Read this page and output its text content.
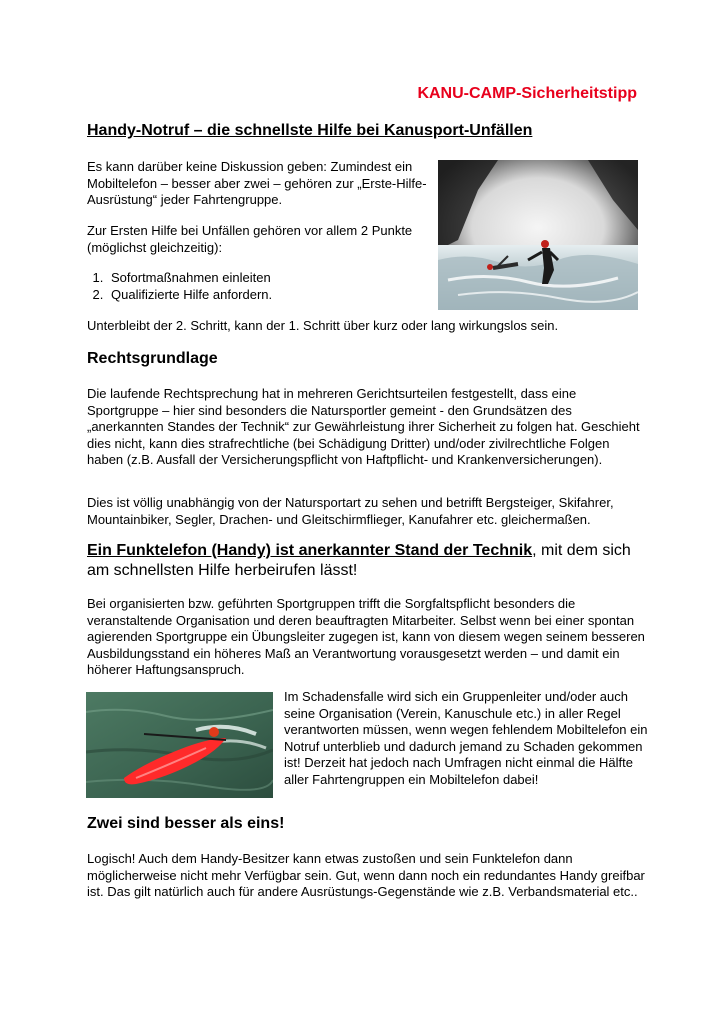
KANU-CAMP-Sicherheitstipp
Handy-Notruf – die schnellste Hilfe bei Kanusport-Unfällen
Es kann darüber keine Diskussion geben: Zumindest ein Mobiltelefon – besser aber zwei – gehören zur „Erste-Hilfe-Ausrüstung“ jeder Fahrtengruppe.
Zur Ersten Hilfe bei Unfällen gehören vor allem 2 Punkte (möglichst gleichzeitig):
1. Sofortmaßnahmen einleiten
2. Qualifizierte Hilfe anfordern.
Unterbleibt der 2. Schritt, kann der 1. Schritt über kurz oder lang wirkungslos sein.
Rechtsgrundlage
Die laufende Rechtsprechung hat in mehreren Gerichtsurteilen festgestellt, dass eine Sportgruppe – hier sind besonders die Natursportler gemeint - den Grundsätzen des „anerkannten Standes der Technik“ zur Gewährleistung ihrer Sicherheit zu folgen hat. Geschieht dies nicht, kann dies strafrechtliche (bei Schädigung Dritter) und/oder zivilrechtliche Folgen haben (z.B. Ausfall der Versicherungspflicht von Haftpflicht- und Krankenversicherungen).
Dies ist völlig unabhängig von der Natursportart zu sehen und betrifft Bergsteiger, Skifahrer, Mountainbiker, Segler, Drachen- und Gleitschirmflieger, Kanufahrer etc. gleichermaßen.
Ein Funktelefon (Handy) ist anerkannter Stand der Technik, mit dem sich am schnellsten Hilfe herbeirufen lässt!
Bei organisierten bzw. geführten Sportgruppen trifft die Sorgfaltspflicht besonders die veranstaltende Organisation und deren beauftragten Mitarbeiter. Selbst wenn bei einer spontan agierenden Sportgruppe ein Übungsleiter zugegen ist, kann von diesem wegen seinem besseren Ausbildungsstand ein höheres Maß an Verantwortung vorausgesetzt werden – und damit ein höherer Haftungsanspruch.
Im Schadensfalle wird sich ein Gruppenleiter und/oder auch seine Organisation (Verein, Kanuschule etc.) in aller Regel verantworten müssen, wenn wegen fehlendem Mobiltelefon ein Notruf unterblieb und dadurch jemand zu Schaden gekommen ist! Derzeit hat jedoch nach Umfragen nicht einmal die Hälfte aller Fahrtengruppen ein Mobiltelefon dabei!
Zwei sind besser als eins!
Logisch! Auch dem Handy-Besitzer kann etwas zustoßen und sein Funktelefon dann möglicherweise nicht mehr Verfügbar sein. Gut, wenn dann noch ein redundantes Handy greifbar ist. Das gilt natürlich auch für andere Ausrüstungs-Gegenstände wie z.B. Verbandsmaterial etc..
